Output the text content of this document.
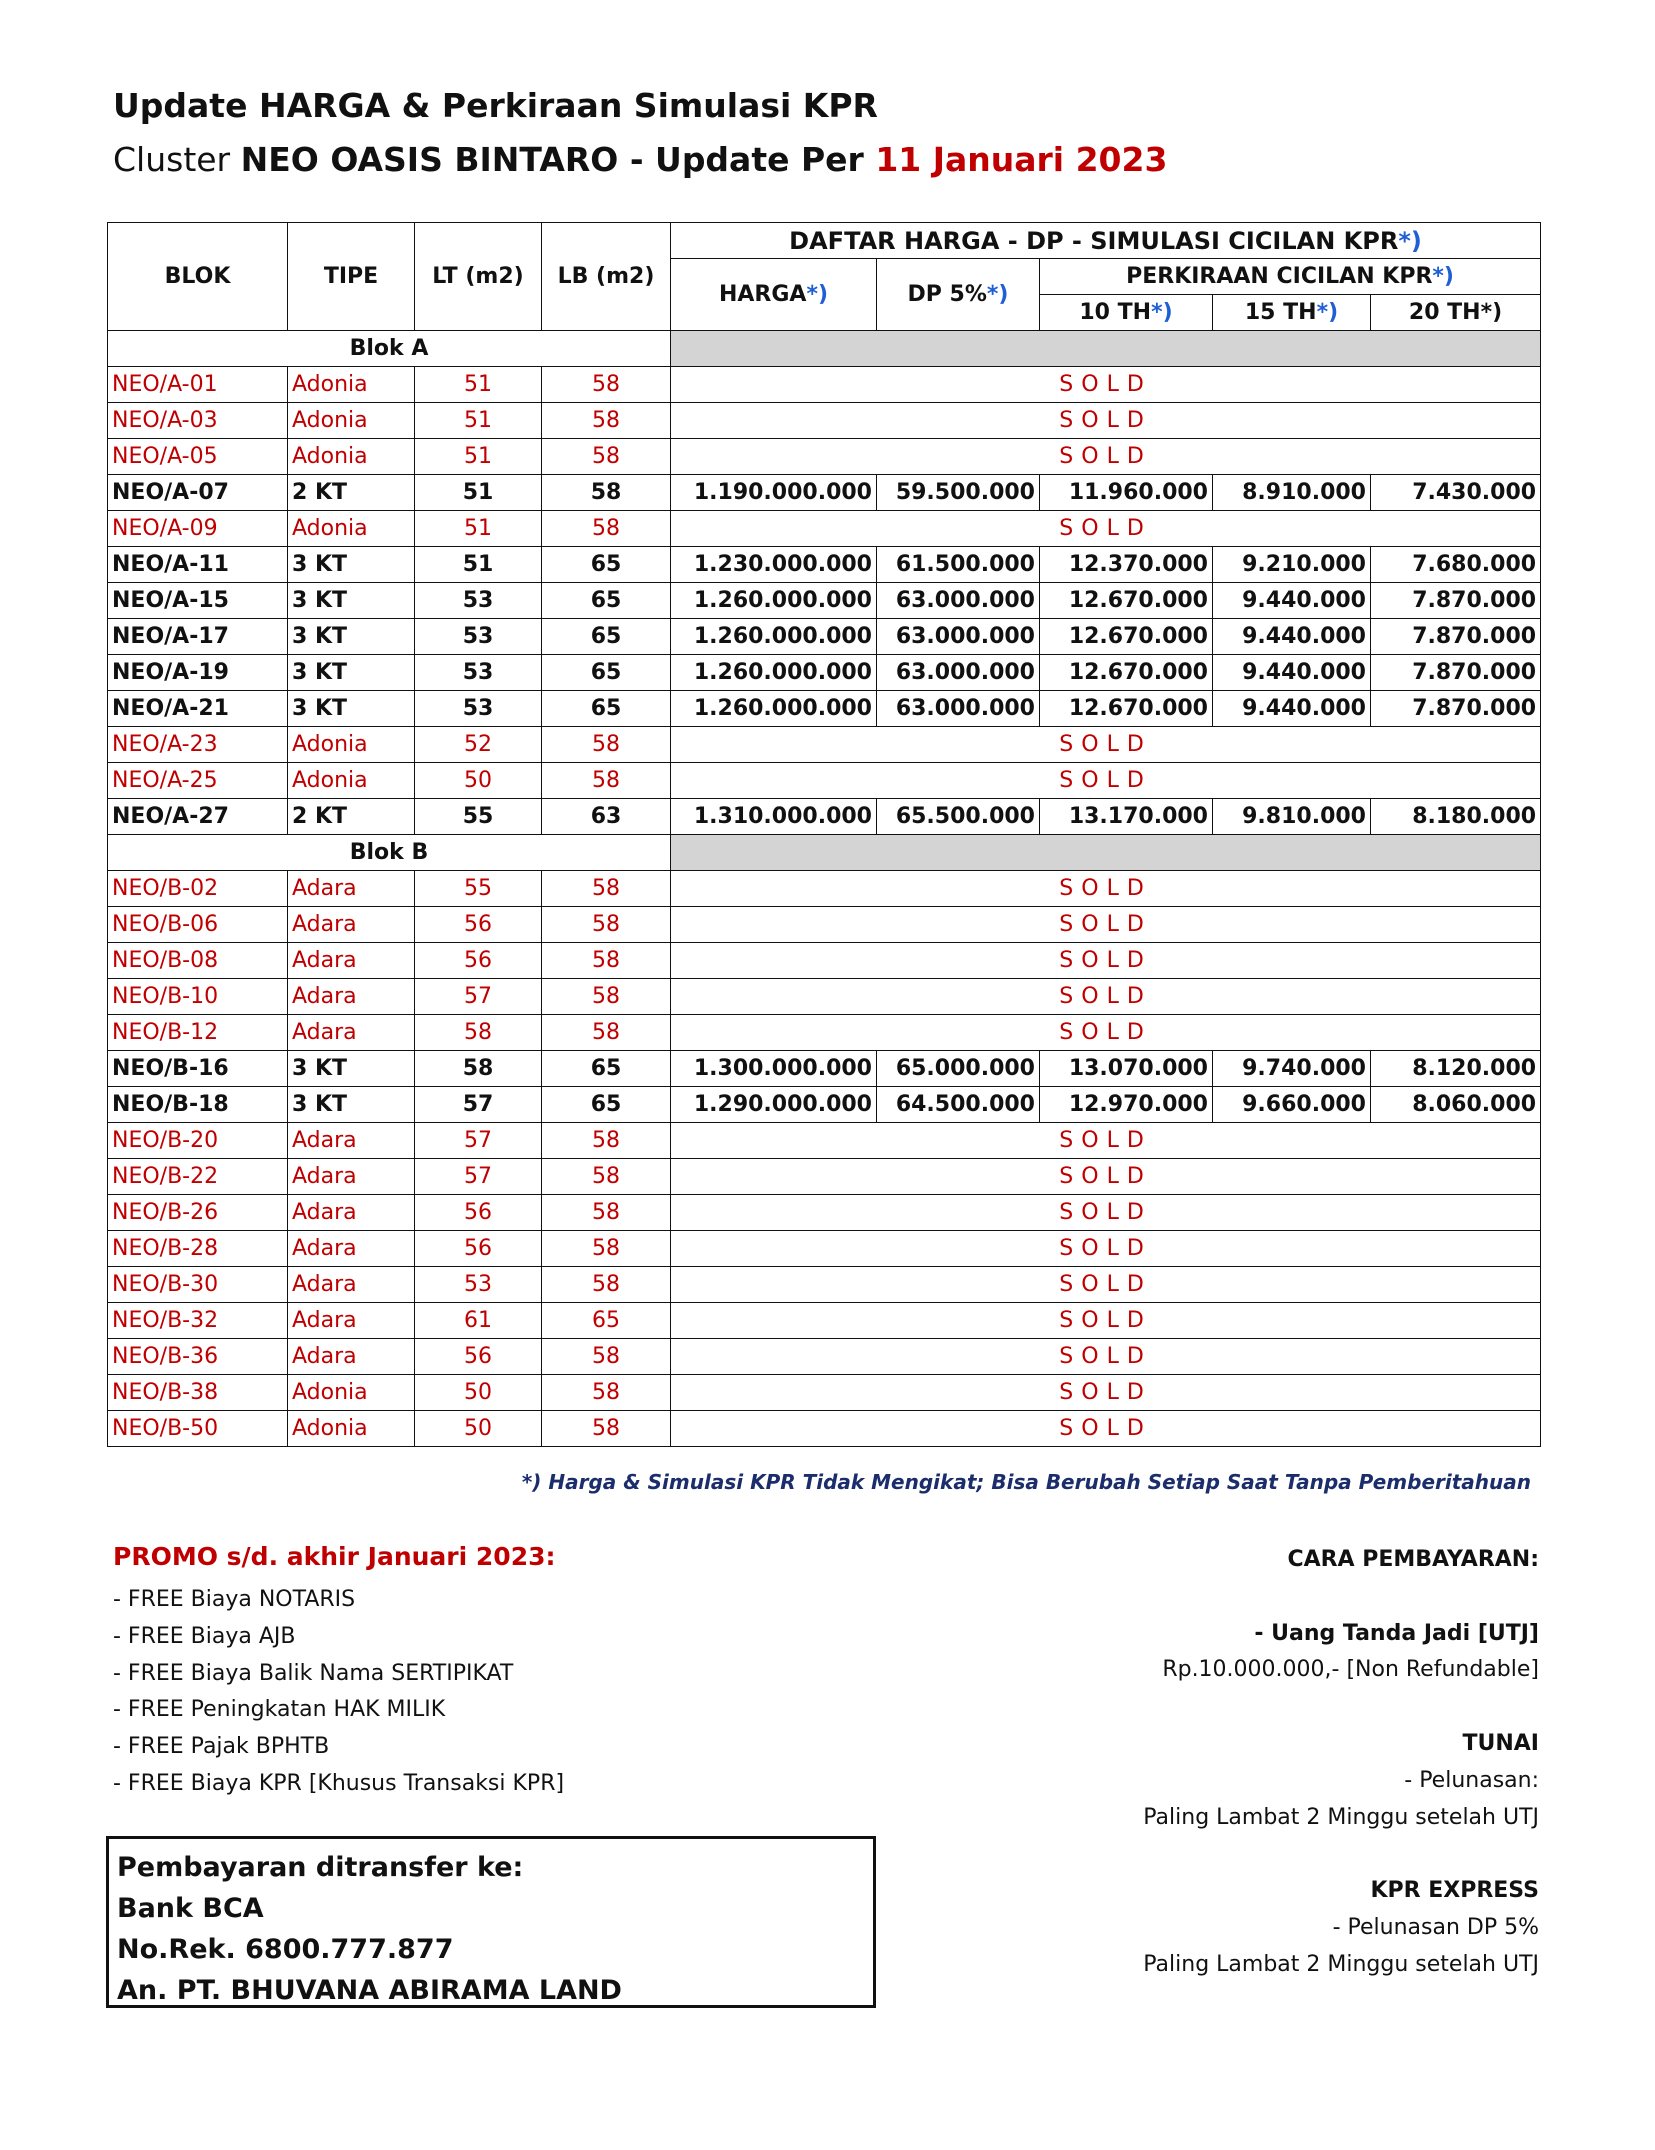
Update HARGA & Perkiraan Simulasi KPR
Cluster NEO OASIS BINTARO - Update Per 11 Januari 2023
BLOK	TIPE	LT (m2)	LB (m2)	DAFTAR HARGA - DP - SIMULASI CICILAN KPR*)				
				HARGA*)	DP 5%*)	PERKIRAAN CICILAN KPR*)		
						10 TH*)	15 TH*)	20 TH*)
Blok A								
NEO/A-01	Adonia	51	58	SOLD				
NEO/A-03	Adonia	51	58	SOLD				
NEO/A-05	Adonia	51	58	SOLD				
NEO/A-07	2 KT	51	58	1.190.000.000	59.500.000	11.960.000	8.910.000	7.430.000
NEO/A-09	Adonia	51	58	SOLD				
NEO/A-11	3 KT	51	65	1.230.000.000	61.500.000	12.370.000	9.210.000	7.680.000
NEO/A-15	3 KT	53	65	1.260.000.000	63.000.000	12.670.000	9.440.000	7.870.000
NEO/A-17	3 KT	53	65	1.260.000.000	63.000.000	12.670.000	9.440.000	7.870.000
NEO/A-19	3 KT	53	65	1.260.000.000	63.000.000	12.670.000	9.440.000	7.870.000
NEO/A-21	3 KT	53	65	1.260.000.000	63.000.000	12.670.000	9.440.000	7.870.000
NEO/A-23	Adonia	52	58	SOLD				
NEO/A-25	Adonia	50	58	SOLD				
NEO/A-27	2 KT	55	63	1.310.000.000	65.500.000	13.170.000	9.810.000	8.180.000
Blok B								
NEO/B-02	Adara	55	58	SOLD				
NEO/B-06	Adara	56	58	SOLD				
NEO/B-08	Adara	56	58	SOLD				
NEO/B-10	Adara	57	58	SOLD				
NEO/B-12	Adara	58	58	SOLD				
NEO/B-16	3 KT	58	65	1.300.000.000	65.000.000	13.070.000	9.740.000	8.120.000
NEO/B-18	3 KT	57	65	1.290.000.000	64.500.000	12.970.000	9.660.000	8.060.000
NEO/B-20	Adara	57	58	SOLD				
NEO/B-22	Adara	57	58	SOLD				
NEO/B-26	Adara	56	58	SOLD				
NEO/B-28	Adara	56	58	SOLD				
NEO/B-30	Adara	53	58	SOLD				
NEO/B-32	Adara	61	65	SOLD				
NEO/B-36	Adara	56	58	SOLD				
NEO/B-38	Adonia	50	58	SOLD				
NEO/B-50	Adonia	50	58	SOLD				
*) Harga & Simulasi KPR Tidak Mengikat; Bisa Berubah Setiap Saat Tanpa Pemberitahuan
PROMO s/d. akhir Januari 2023:
- FREE Biaya NOTARIS
- FREE Biaya AJB
- FREE Biaya Balik Nama SERTIPIKAT
- FREE Peningkatan HAK MILIK
- FREE Pajak BPHTB
- FREE Biaya KPR [Khusus Transaksi KPR]
CARA PEMBAYARAN:

- Uang Tanda Jadi [UTJ]
Rp.10.000.000,- [Non Refundable]

TUNAI
- Pelunasan:
Paling Lambat 2 Minggu setelah UTJ

KPR EXPRESS
- Pelunasan DP 5%
Paling Lambat 2 Minggu setelah UTJ
Pembayaran ditransfer ke:
Bank BCA
No.Rek. 6800.777.877
An. PT. BHUVANA ABIRAMA LAND
